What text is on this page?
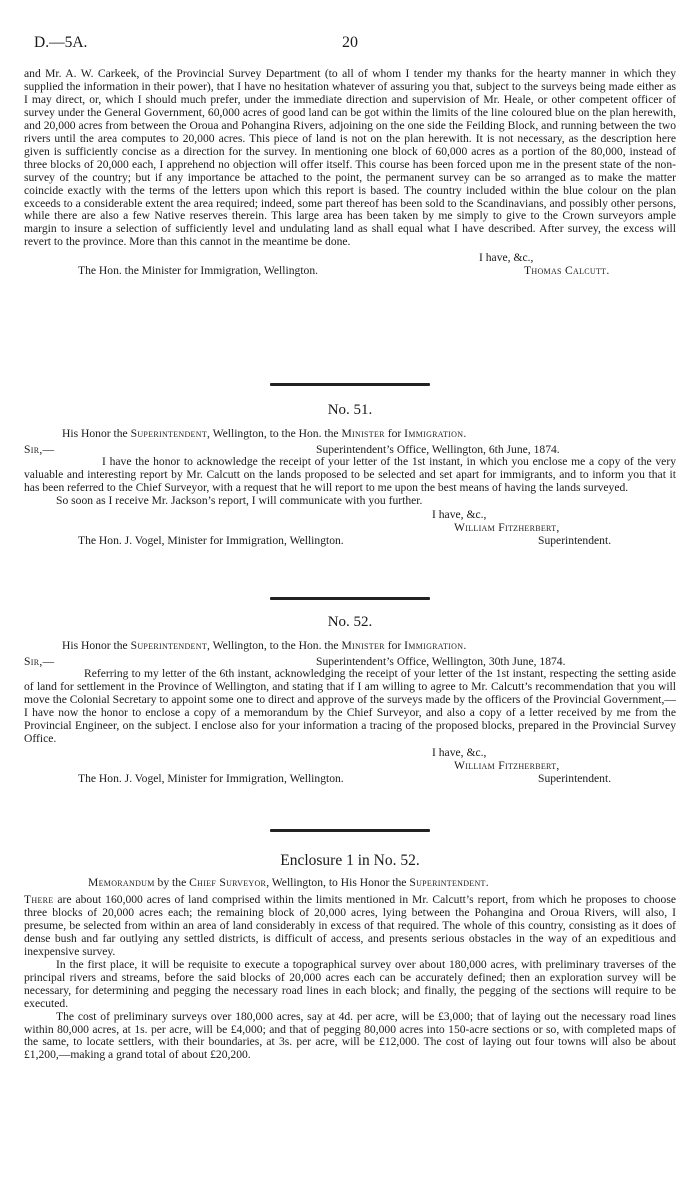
D.—5A.	20

and Mr. A. W. Carkeek, of the Provincial Survey Department (to all of whom I tender my thanks for the hearty manner in which they supplied the information in their power), that I have no hesitation whatever of assuring you that, subject to the surveys being made either as I may direct, or, which I should much prefer, under the immediate direction and supervision of Mr. Heale, or other competent officer of survey under the General Government, 60,000 acres of good land can be got within the limits of the line coloured blue on the plan herewith, and 20,000 acres from between the Oroua and Pohangina Rivers, adjoining on the one side the Feilding Block, and running between the two rivers until the area computes to 20,000 acres. This piece of land is not on the plan herewith. It is not necessary, as the description here given is sufficiently concise as a direction for the survey. In mentioning one block of 60,000 acres as a portion of the 80,000, instead of three blocks of 20,000 each, I apprehend no objection will offer itself. This course has been forced upon me in the present state of the non-survey of the country; but if any importance be attached to the point, the permanent survey can be so arranged as to make the matter coincide exactly with the terms of the letters upon which this report is based. The country included within the blue colour on the plan exceeds to a considerable extent the area required; indeed, some part thereof has been sold to the Scandinavians, and possibly other persons, while there are also a few Native reserves therein. This large area has been taken by me simply to give to the Crown surveyors ample margin to insure a selection of sufficiently level and undulating land as shall equal what I have described. After survey, the excess will revert to the province. More than this cannot in the meantime be done.

I have, &c.,
The Hon. the Minister for Immigration, Wellington.	Thomas Calcutt.
No. 51.
His Honor the Superintendent, Wellington, to the Hon. the Minister for Immigration.
Sir,—	Superintendent’s Office, Wellington, 6th June, 1874.

I have the honor to acknowledge the receipt of your letter of the 1st instant, in which you enclose me a copy of the very valuable and interesting report by Mr. Calcutt on the lands proposed to be selected and set apart for immigrants, and to inform you that it has been referred to the Chief Surveyor, with a request that he will report to me upon the best means of having the lands surveyed.

So soon as I receive Mr. Jackson’s report, I will communicate with you further.

I have, &c.,
William Fitzherbert,
The Hon. J. Vogel, Minister for Immigration, Wellington.	Superintendent.
No. 52.
His Honor the Superintendent, Wellington, to the Hon. the Minister for Immigration.
Sir,—	Superintendent’s Office, Wellington, 30th June, 1874.

Referring to my letter of the 6th instant, acknowledging the receipt of your letter of the 1st instant, respecting the setting aside of land for settlement in the Province of Wellington, and stating that if I am willing to agree to Mr. Calcutt’s recommendation that you will move the Colonial Secretary to appoint some one to direct and approve of the surveys made by the officers of the Provincial Government,—I have now the honor to enclose a copy of a memorandum by the Chief Surveyor, and also a copy of a letter received by me from the Provincial Engineer, on the subject. I enclose also for your information a tracing of the proposed blocks, prepared in the Provincial Survey Office.

I have, &c.,
William Fitzherbert,
The Hon. J. Vogel, Minister for Immigration, Wellington.	Superintendent.
Enclosure 1 in No. 52.
Memorandum by the Chief Surveyor, Wellington, to His Honor the Superintendent.

There are about 160,000 acres of land comprised within the limits mentioned in Mr. Calcutt’s report, from which he proposes to choose three blocks of 20,000 acres each; the remaining block of 20,000 acres, lying between the Pohangina and Oroua Rivers, will also, I presume, be selected from within an area of land considerably in excess of that required. The whole of this country, consisting as it does of dense bush and far outlying any settled districts, is difficult of access, and presents serious obstacles in the way of an expeditious and inexpensive survey.

In the first place, it will be requisite to execute a topographical survey over about 180,000 acres, with preliminary traverses of the principal rivers and streams, before the said blocks of 20,000 acres each can be accurately defined; then an exploration survey will be necessary, for determining and pegging the necessary road lines in each block; and finally, the pegging of the sections will require to be executed.

The cost of preliminary surveys over 180,000 acres, say at 4d. per acre, will be £3,000; that of laying out the necessary road lines within 80,000 acres, at 1s. per acre, will be £4,000; and that of pegging 80,000 acres into 150-acre sections or so, with completed maps of the same, to locate settlers, with their boundaries, at 3s. per acre, will be £12,000. The cost of laying out four towns will also be about £1,200,—making a grand total of about £20,200.
